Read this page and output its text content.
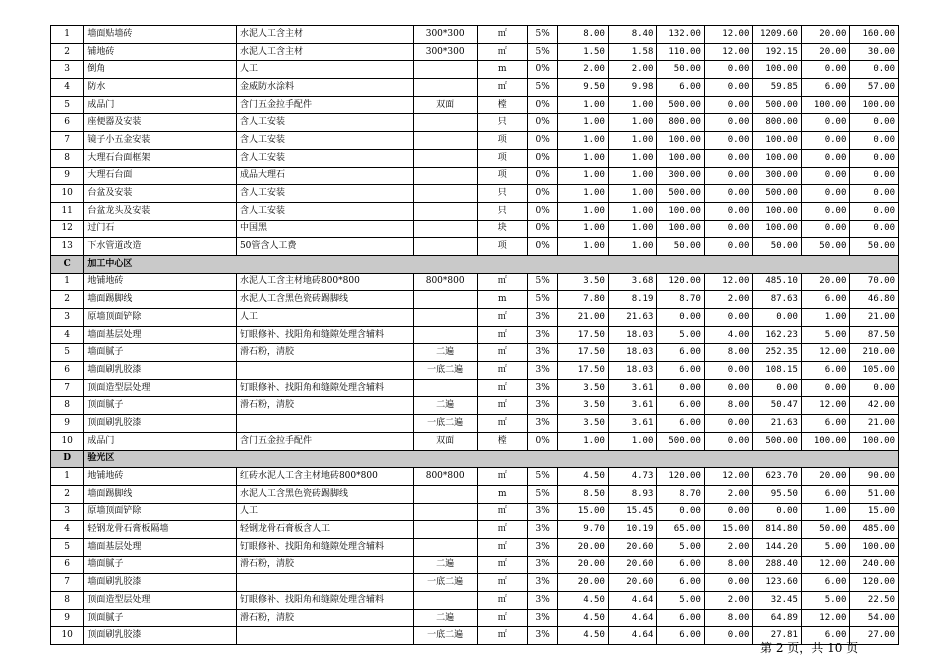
1	墙面贴墙砖	水泥人工含主材	300*300	㎡	5%	8.00	8.40	132.00	12.00	1209.60	20.00	160.00
2	铺地砖	水泥人工含主材	300*300	㎡	5%	1.50	1.58	110.00	12.00	192.15	20.00	30.00
3	倒角	人工		m	0%	2.00	2.00	50.00	0.00	100.00	0.00	0.00
4	防水	金威防水涂料		㎡	5%	9.50	9.98	6.00	0.00	59.85	6.00	57.00
5	成品门	含门五金拉手配件	双面	樘	0%	1.00	1.00	500.00	0.00	500.00	100.00	100.00
6	座便器及安装	含人工安装		只	0%	1.00	1.00	800.00	0.00	800.00	0.00	0.00
7	镜子小五金安装	含人工安装		项	0%	1.00	1.00	100.00	0.00	100.00	0.00	0.00
8	大理石台面框架	含人工安装		项	0%	1.00	1.00	100.00	0.00	100.00	0.00	0.00
9	大理石台面	成品大理石		项	0%	1.00	1.00	300.00	0.00	300.00	0.00	0.00
10	台盆及安装	含人工安装		只	0%	1.00	1.00	500.00	0.00	500.00	0.00	0.00
11	台盆龙头及安装	含人工安装		只	0%	1.00	1.00	100.00	0.00	100.00	0.00	0.00
12	过门石	中国黑		块	0%	1.00	1.00	100.00	0.00	100.00	0.00	0.00
13	下水管道改造	50管含人工费		项	0%	1.00	1.00	50.00	0.00	50.00	50.00	50.00
C	加工中心区											
1	地铺地砖	水泥人工含主材地砖800*800	800*800	㎡	5%	3.50	3.68	120.00	12.00	485.10	20.00	70.00
2	墙面踢脚线	水泥人工含黑色瓷砖踢脚线		m	5%	7.80	8.19	8.70	2.00	87.63	6.00	46.80
3	原墙顶面铲除	人工		㎡	3%	21.00	21.63	0.00	0.00	0.00	1.00	21.00
4	墙面基层处理	钉眼修补、找阳角和缝隙处理含辅料		㎡	3%	17.50	18.03	5.00	4.00	162.23	5.00	87.50
5	墙面腻子	滑石粉，清胶	二遍	㎡	3%	17.50	18.03	6.00	8.00	252.35	12.00	210.00
6	墙面刷乳胶漆		一底二遍	㎡	3%	17.50	18.03	6.00	0.00	108.15	6.00	105.00
7	顶面造型层处理	钉眼修补、找阳角和缝隙处理含辅料		㎡	3%	3.50	3.61	0.00	0.00	0.00	0.00	0.00
8	顶面腻子	滑石粉，清胶	二遍	㎡	3%	3.50	3.61	6.00	8.00	50.47	12.00	42.00
9	顶面刷乳胶漆		一底二遍	㎡	3%	3.50	3.61	6.00	0.00	21.63	6.00	21.00
10	成品门	含门五金拉手配件	双面	樘	0%	1.00	1.00	500.00	0.00	500.00	100.00	100.00
D	验光区											
1	地铺地砖	红砖水泥人工含主材地砖800*800	800*800	㎡	5%	4.50	4.73	120.00	12.00	623.70	20.00	90.00
2	墙面踢脚线	水泥人工含黑色瓷砖踢脚线		m	5%	8.50	8.93	8.70	2.00	95.50	6.00	51.00
3	原墙顶面铲除	人工		㎡	3%	15.00	15.45	0.00	0.00	0.00	1.00	15.00
4	轻钢龙骨石膏板隔墙	轻钢龙骨石膏板含人工		㎡	3%	9.70	10.19	65.00	15.00	814.80	50.00	485.00
5	墙面基层处理	钉眼修补、找阳角和缝隙处理含辅料		㎡	3%	20.00	20.60	5.00	2.00	144.20	5.00	100.00
6	墙面腻子	滑石粉，清胶	二遍	㎡	3%	20.00	20.60	6.00	8.00	288.40	12.00	240.00
7	墙面刷乳胶漆		一底二遍	㎡	3%	20.00	20.60	6.00	0.00	123.60	6.00	120.00
8	顶面造型层处理	钉眼修补、找阳角和缝隙处理含辅料		㎡	3%	4.50	4.64	5.00	2.00	32.45	5.00	22.50
9	顶面腻子	滑石粉，清胶	二遍	㎡	3%	4.50	4.64	6.00	8.00	64.89	12.00	54.00
10	顶面刷乳胶漆		一底二遍	㎡	3%	4.50	4.64	6.00	0.00	27.81	6.00	27.00
第 2 页，共 10 页
